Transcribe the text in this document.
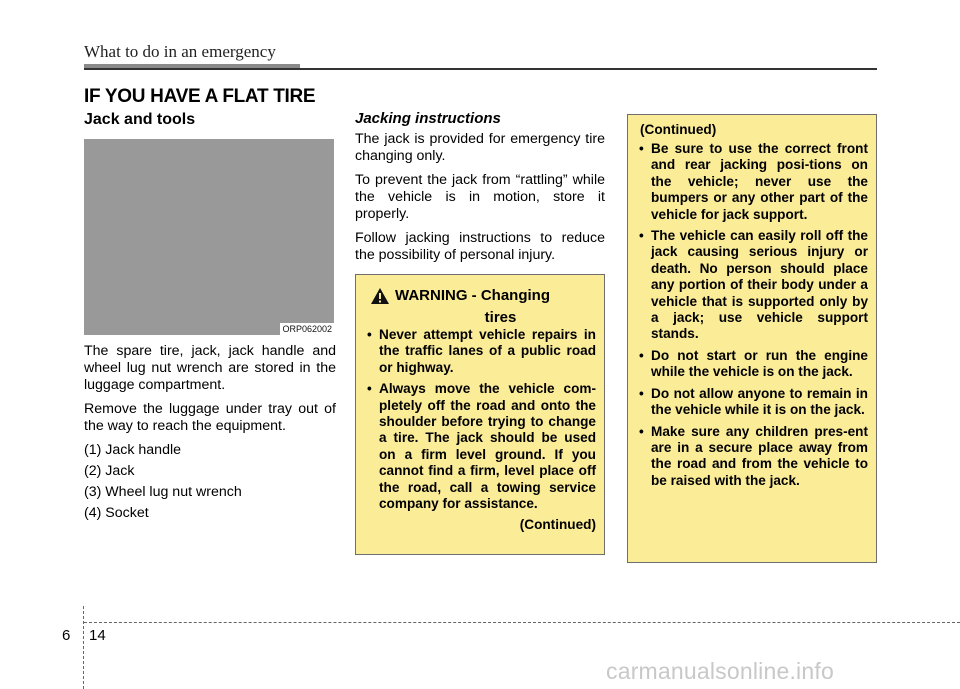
What to do in an emergency
IF YOU HAVE A FLAT TIRE
Jack and tools
ORP062002

The spare tire, jack, jack handle and wheel lug nut wrench are stored in the luggage compartment.

Remove the luggage under tray out of the way to reach the equipment.

(1) Jack handle
(2) Jack
(3) Wheel lug nut wrench
(4) Socket
Jacking instructions

The jack is provided for emergency tire changing only.

To prevent the jack from “rattling” while the vehicle is in motion, store it properly.

Follow jacking instructions to reduce the possibility of personal injury.

WARNING - Changing
tires
• Never attempt vehicle repairs in the traffic lanes of a public road or highway.
• Always move the vehicle com-pletely off the road and onto the shoulder before trying to change a tire. The jack should be used on a firm level ground. If you cannot find a firm, level place off the road, call a towing service company for assistance.
(Continued)
(Continued)
• Be sure to use the correct front and rear jacking posi-tions on the vehicle; never use the bumpers or any other part of the vehicle for jack support.
• The vehicle can easily roll off the jack causing serious injury or death. No person should place any portion of their body under a vehicle that is supported only by a jack; use vehicle support stands.
• Do not start or run the engine while the vehicle is on the jack.
• Do not allow anyone to remain in the vehicle while it is on the jack.
• Make sure any children pres-ent are in a secure place away from the road and from the vehicle to be raised with the jack.
6 14
carmanualsonline.info
